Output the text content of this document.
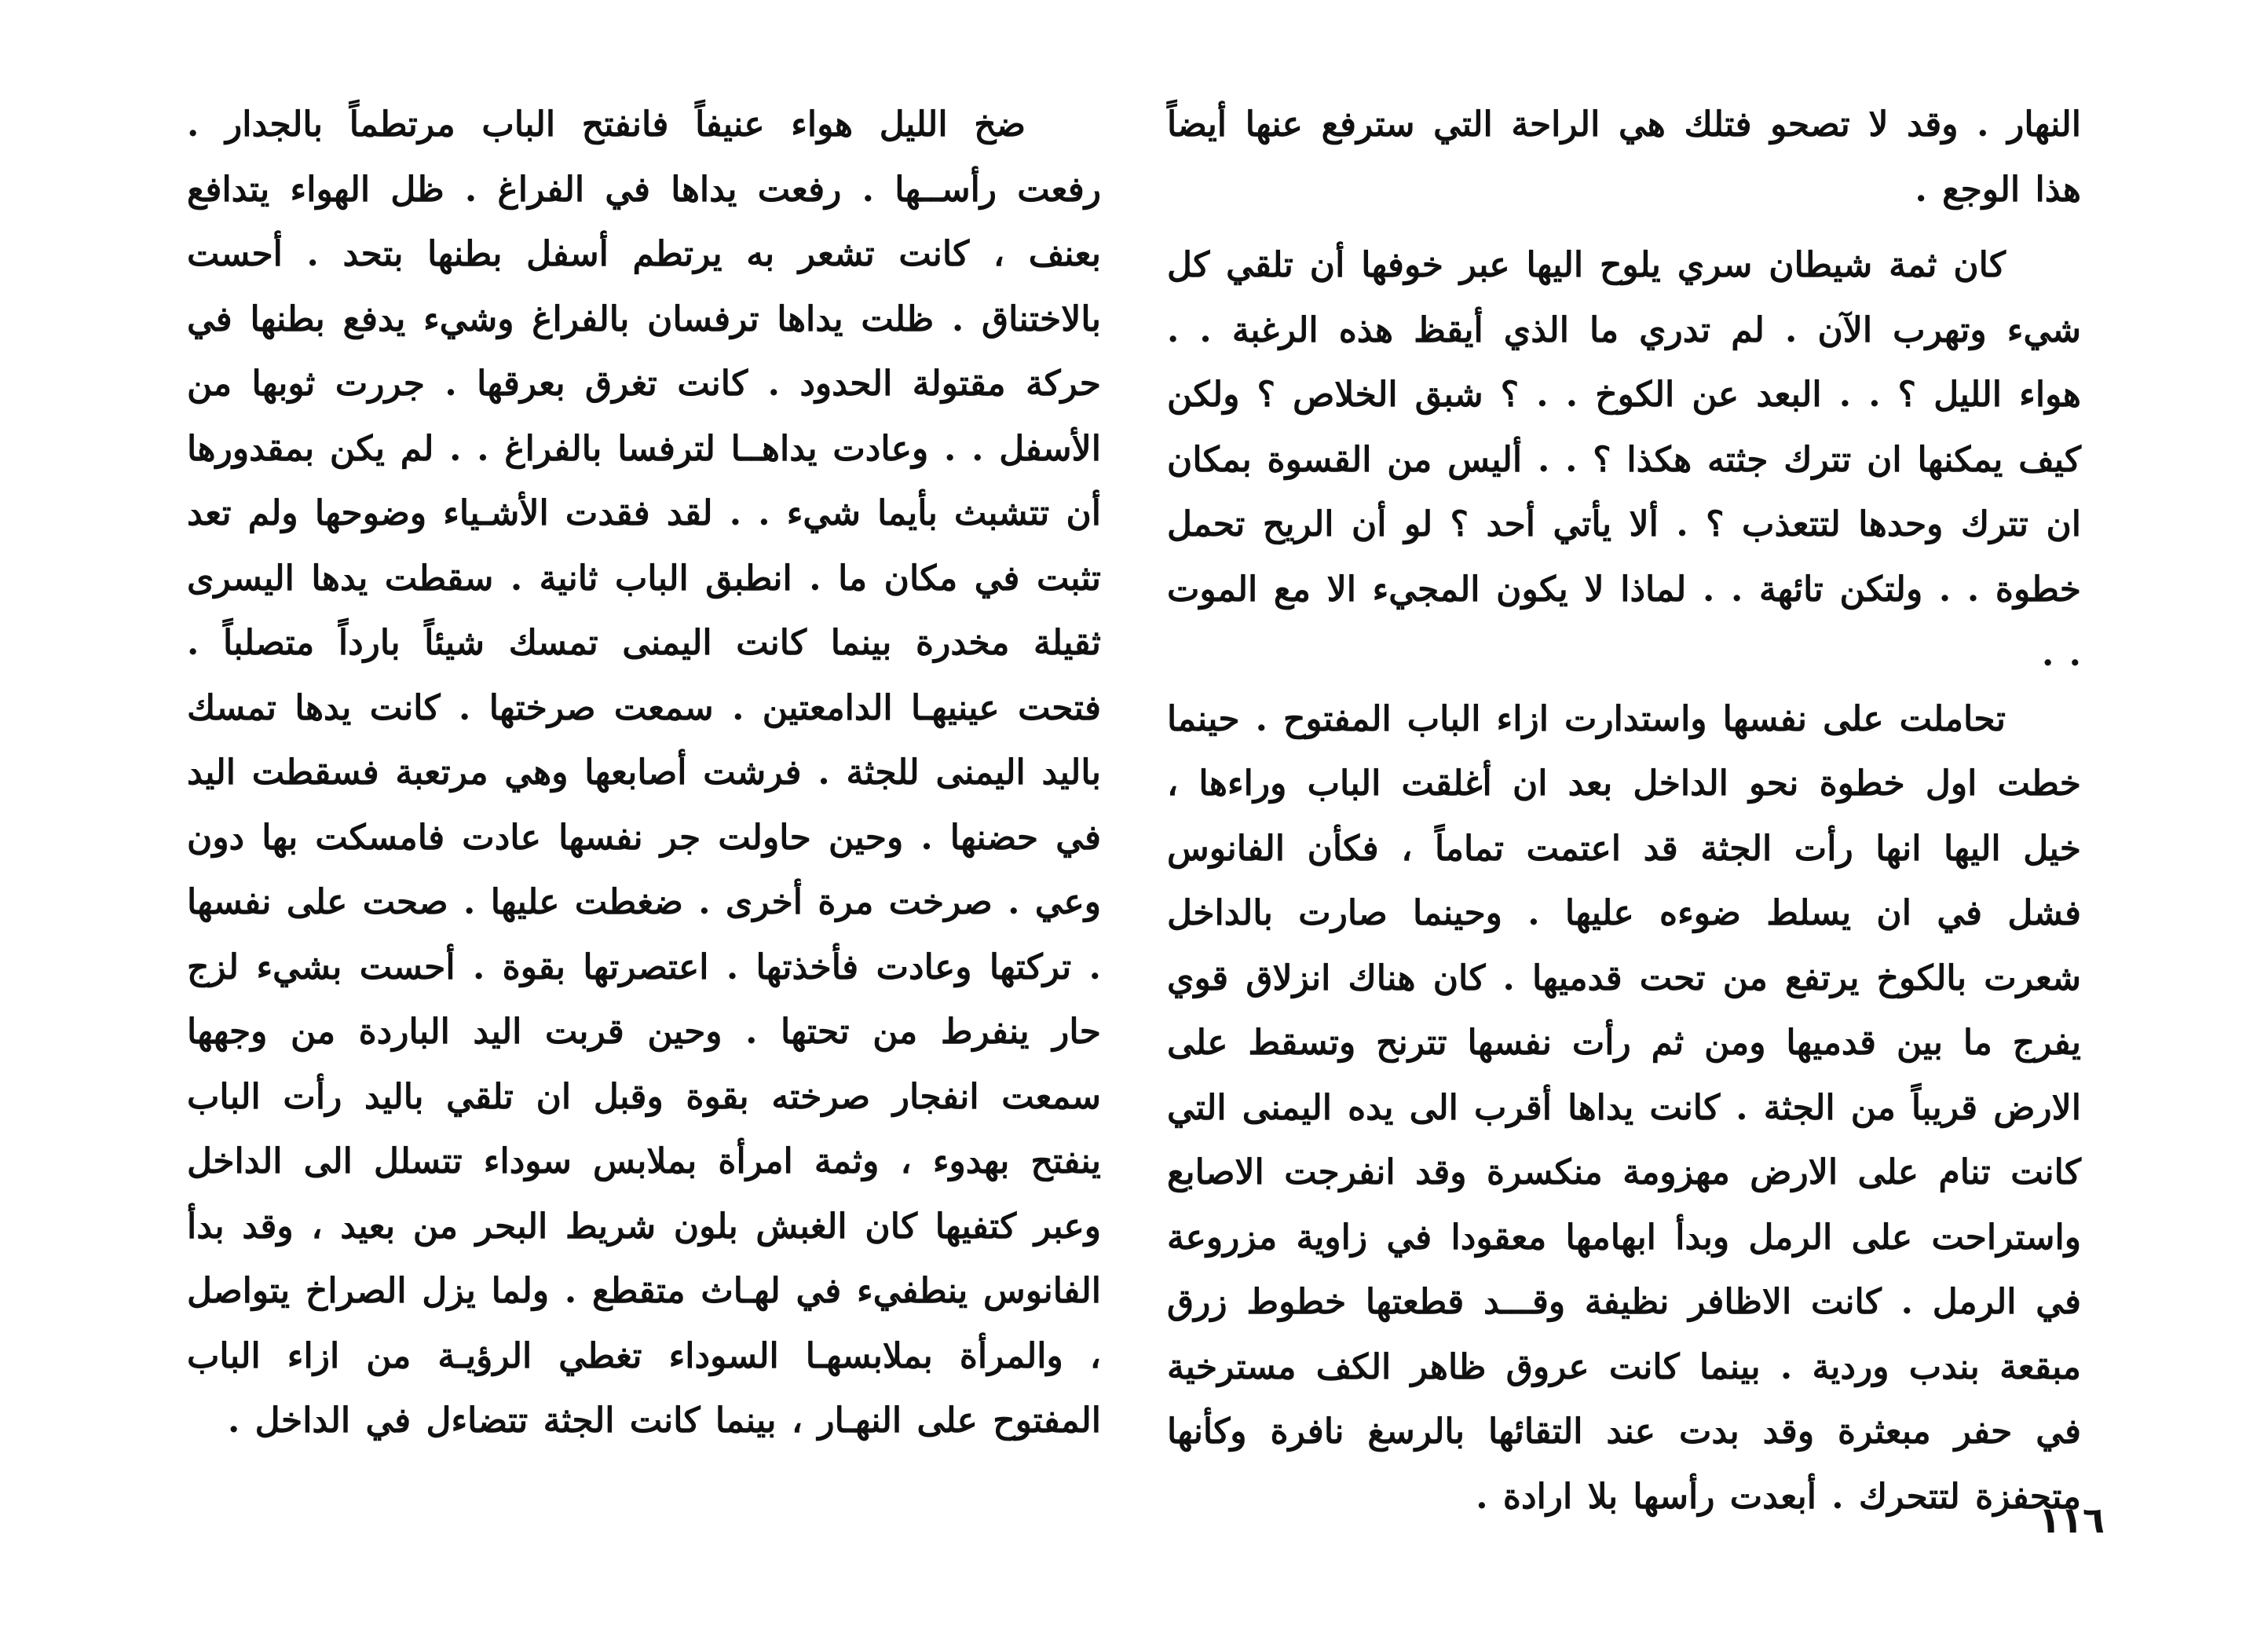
النهار . وقد لا تصحو فتلك هي الراحة التي سترفع عنها أيضاً هذا الوجع .

كان ثمة شيطان سري يلوح اليها عبر خوفها أن تلقي كل شيء وتهرب الآن . لم تدري ما الذي أيقظ هذه الرغبة . . هواء الليل ؟ . . البعد عن الكوخ . . ؟ شبق الخلاص ؟ ولكن كيف يمكنها ان تترك جثته هكذا ؟ . . أليس من القسوة بمكان ان تترك وحدها لتتعذب ؟ . ألا يأتي أحد ؟ لو أن الريح تحمل خطوة . . ولتكن تائهة . . لماذا لا يكون المجيء الا مع الموت . .

تحاملت على نفسها واستدارت ازاء الباب المفتوح . حينما خطت اول خطوة نحو الداخل بعد ان أغلقت الباب وراءها ، خيل اليها انها رأت الجثة قد اعتمت تماماً ، فكأن الفانوس فشل في ان يسلط ضوءه عليها . وحينما صارت بالداخل شعرت بالكوخ يرتفع من تحت قدميها . كان هناك انزلاق قوي يفرج ما بين قدميها ومن ثم رأت نفسها تترنح وتسقط على الارض قريباً من الجثة . كانت يداها أقرب الى يده اليمنى التي كانت تنام على الارض مهزومة منكسرة وقد انفرجت الاصابع واستراحت على الرمل وبدأ ابهامها معقودا في زاوية مزروعة في الرمل . كانت الاظافر نظيفة وقـــد قطعتها خطوط زرق مبقعة بندب وردية . بينما كانت عروق ظاهر الكف مسترخية في حفر مبعثرة وقد بدت عند التقائها بالرسغ نافرة وكأنها متحفزة لتتحرك . أبعدت رأسها بلا ارادة .

ضخ الليل هواء عنيفاً فانفتح الباب مرتطماً بالجدار . رفعت رأســها . رفعت يداها في الفراغ . ظل الهواء يتدافع بعنف ، كانت تشعر به يرتطم أسفل بطنها بتحد . أحست بالاختناق . ظلت يداها ترفسان بالفراغ وشيء يدفع بطنها في حركة مقتولة الحدود . كانت تغرق بعرقها . جررت ثوبها من الأسفل . . وعادت يداهــا لترفسا بالفراغ . . لم يكن بمقدورها أن تتشبث بأيما شيء . . لقد فقدت الأشـياء وضوحها ولم تعد تثبت في مكان ما . انطبق الباب ثانية . سقطت يدها اليسرى ثقيلة مخدرة بينما كانت اليمنى تمسك شيئاً بارداً متصلباً . فتحت عينيهـا الدامعتين . سمعت صرختها . كانت يدها تمسك باليد اليمنى للجثة . فرشت أصابعها وهي مرتعبة فسقطت اليد في حضنها . وحين حاولت جر نفسها عادت فامسكت بها دون وعي . صرخت مرة أخرى . ضغطت عليها . صحت على نفسها . تركتها وعادت فأخذتها . اعتصرتها بقوة . أحست بشيء لزج حار ينفرط من تحتها . وحين قربت اليد الباردة من وجهها سمعت انفجار صرخته بقوة وقبل ان تلقي باليد رأت الباب ينفتح بهدوء ، وثمة امرأة بملابس سوداء تتسلل الى الداخل وعبر كتفيها كان الغبش بلون شريط البحر من بعيد ، وقد بدأ الفانوس ينطفيء في لهـاث متقطع . ولما يزل الصراخ يتواصل ، والمرأة بملابسهـا السوداء تغطي الرؤيـة من ازاء الباب المفتوح على النهـار ، بينما كانت الجثة تتضاءل في الداخل .

١١٦
